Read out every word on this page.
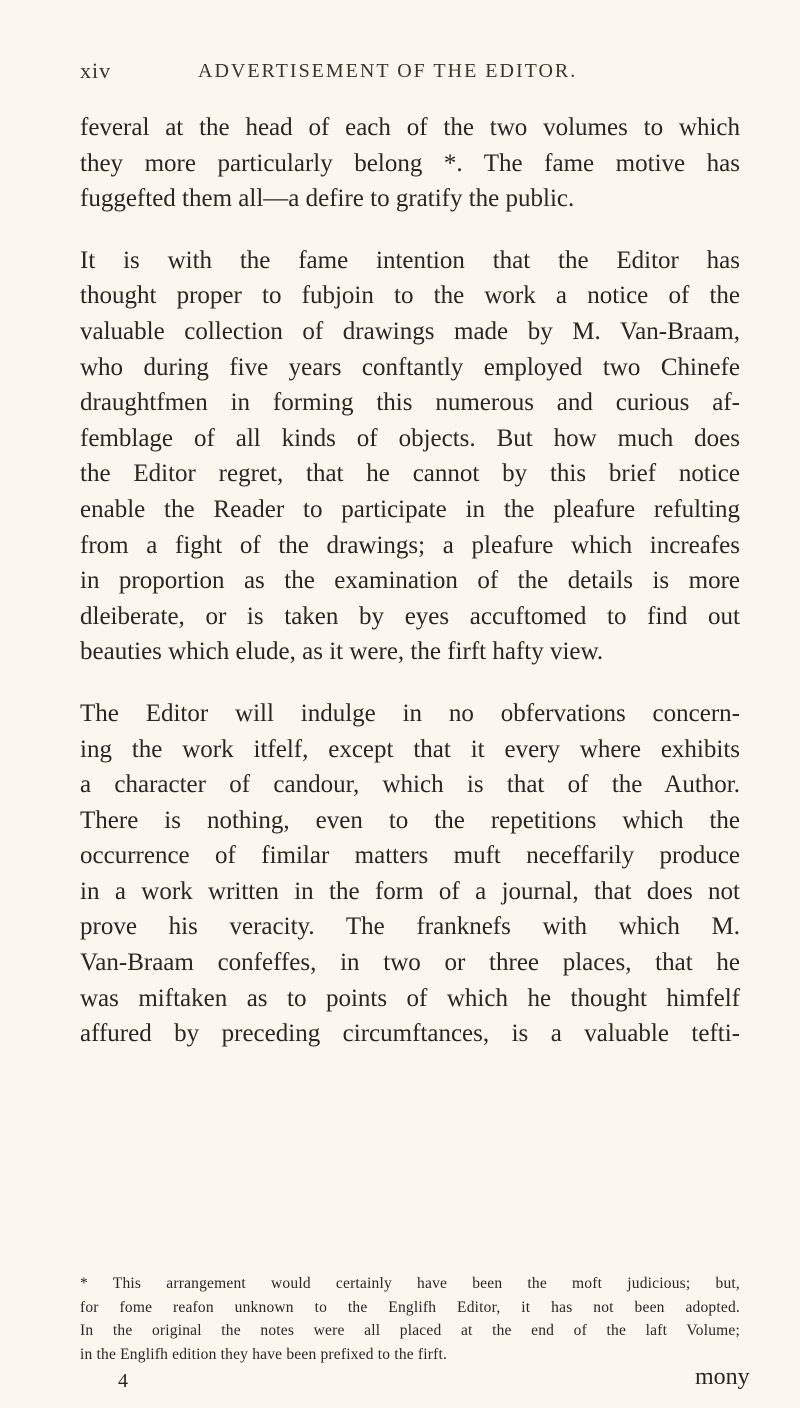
xiv	ADVERTISEMENT OF THE EDITOR.
feveral at the head of each of the two volumes to which
they more particularly belong *. The fame motive has
fuggefted them all—a defire to gratify the public.
It is with the fame intention that the Editor has
thought proper to fubjoin to the work a notice of the
valuable collection of drawings made by M. Van-Braam,
who during five years conftantly employed two Chinefe
draughtfmen in forming this numerous and curious af-
femblage of all kinds of objects. But how much does
the Editor regret, that he cannot by this brief notice
enable the Reader to participate in the pleafure refulting
from a fight of the drawings; a pleafure which increafes
in proportion as the examination of the details is more
dleiberate, or is taken by eyes accuftomed to find out
beauties which elude, as it were, the firft hafty view.
The Editor will indulge in no obfervations concern-
ing the work itfelf, except that it every where exhibits
a character of candour, which is that of the Author.
There is nothing, even to the repetitions which the
occurrence of fimilar matters muft neceffarily produce
in a work written in the form of a journal, that does not
prove his veracity. The franknefs with which M.
Van-Braam confeffes, in two or three places, that he
was miftaken as to points of which he thought himfelf
affured by preceding circumftances, is a valuable tefti-
* This arrangement would certainly have been the moft judicious; but,
for fome reafon unknown to the Englifh Editor, it has not been adopted.
In the original the notes were all placed at the end of the laft Volume;
in the Englifh edition they have been prefixed to the firft.
4	mony
